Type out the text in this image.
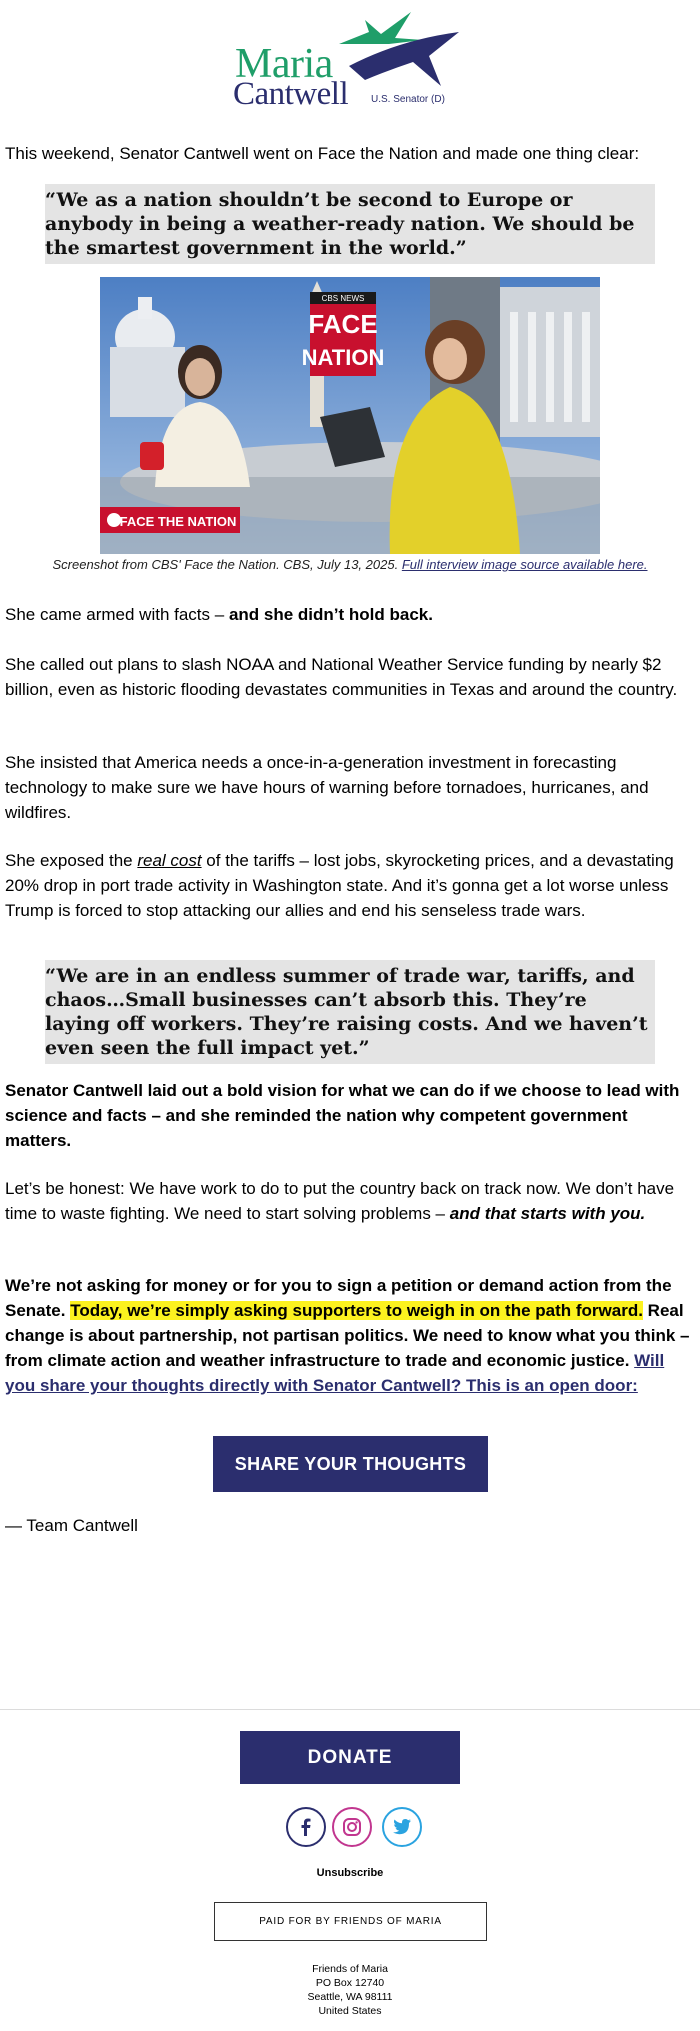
Maria
Cantwell U.S. Senator (D)
This weekend, Senator Cantwell went on Face the Nation and made one thing clear:
“We as a nation shouldn’t be second to Europe or anybody in being a weather-ready nation. We should be the smartest government in the world.”
CBS NEWS
FACE
NATION
FACE THE NATION
Screenshot from CBS' Face the Nation. CBS, July 13, 2025. Full interview image source available here.
She came armed with facts – and she didn’t hold back.
She called out plans to slash NOAA and National Weather Service funding by nearly $2 billion, even as historic flooding devastates communities in Texas and around the country.
She insisted that America needs a once-in-a-generation investment in forecasting technology to make sure we have hours of warning before tornadoes, hurricanes, and wildfires.
She exposed the real cost of the tariffs – lost jobs, skyrocketing prices, and a devastating 20% drop in port trade activity in Washington state. And it’s gonna get a lot worse unless Trump is forced to stop attacking our allies and end his senseless trade wars.
“We are in an endless summer of trade war, tariffs, and chaos…Small businesses can’t absorb this. They’re laying off workers. They’re raising costs. And we haven’t even seen the full impact yet.”
Senator Cantwell laid out a bold vision for what we can do if we choose to lead with science and facts – and she reminded the nation why competent government matters.
Let’s be honest: We have work to do to put the country back on track now. We don’t have time to waste fighting. We need to start solving problems – and that starts with you.
We’re not asking for money or for you to sign a petition or demand action from the Senate. Today, we’re simply asking supporters to weigh in on the path forward. Real change is about partnership, not partisan politics. We need to know what you think – from climate action and weather infrastructure to trade and economic justice. Will you share your thoughts directly with Senator Cantwell? This is an open door:
SHARE YOUR THOUGHTS
— Team Cantwell
DONATE
Unsubscribe
PAID FOR BY FRIENDS OF MARIA
Friends of Maria
PO Box 12740
Seattle, WA 98111
United States
